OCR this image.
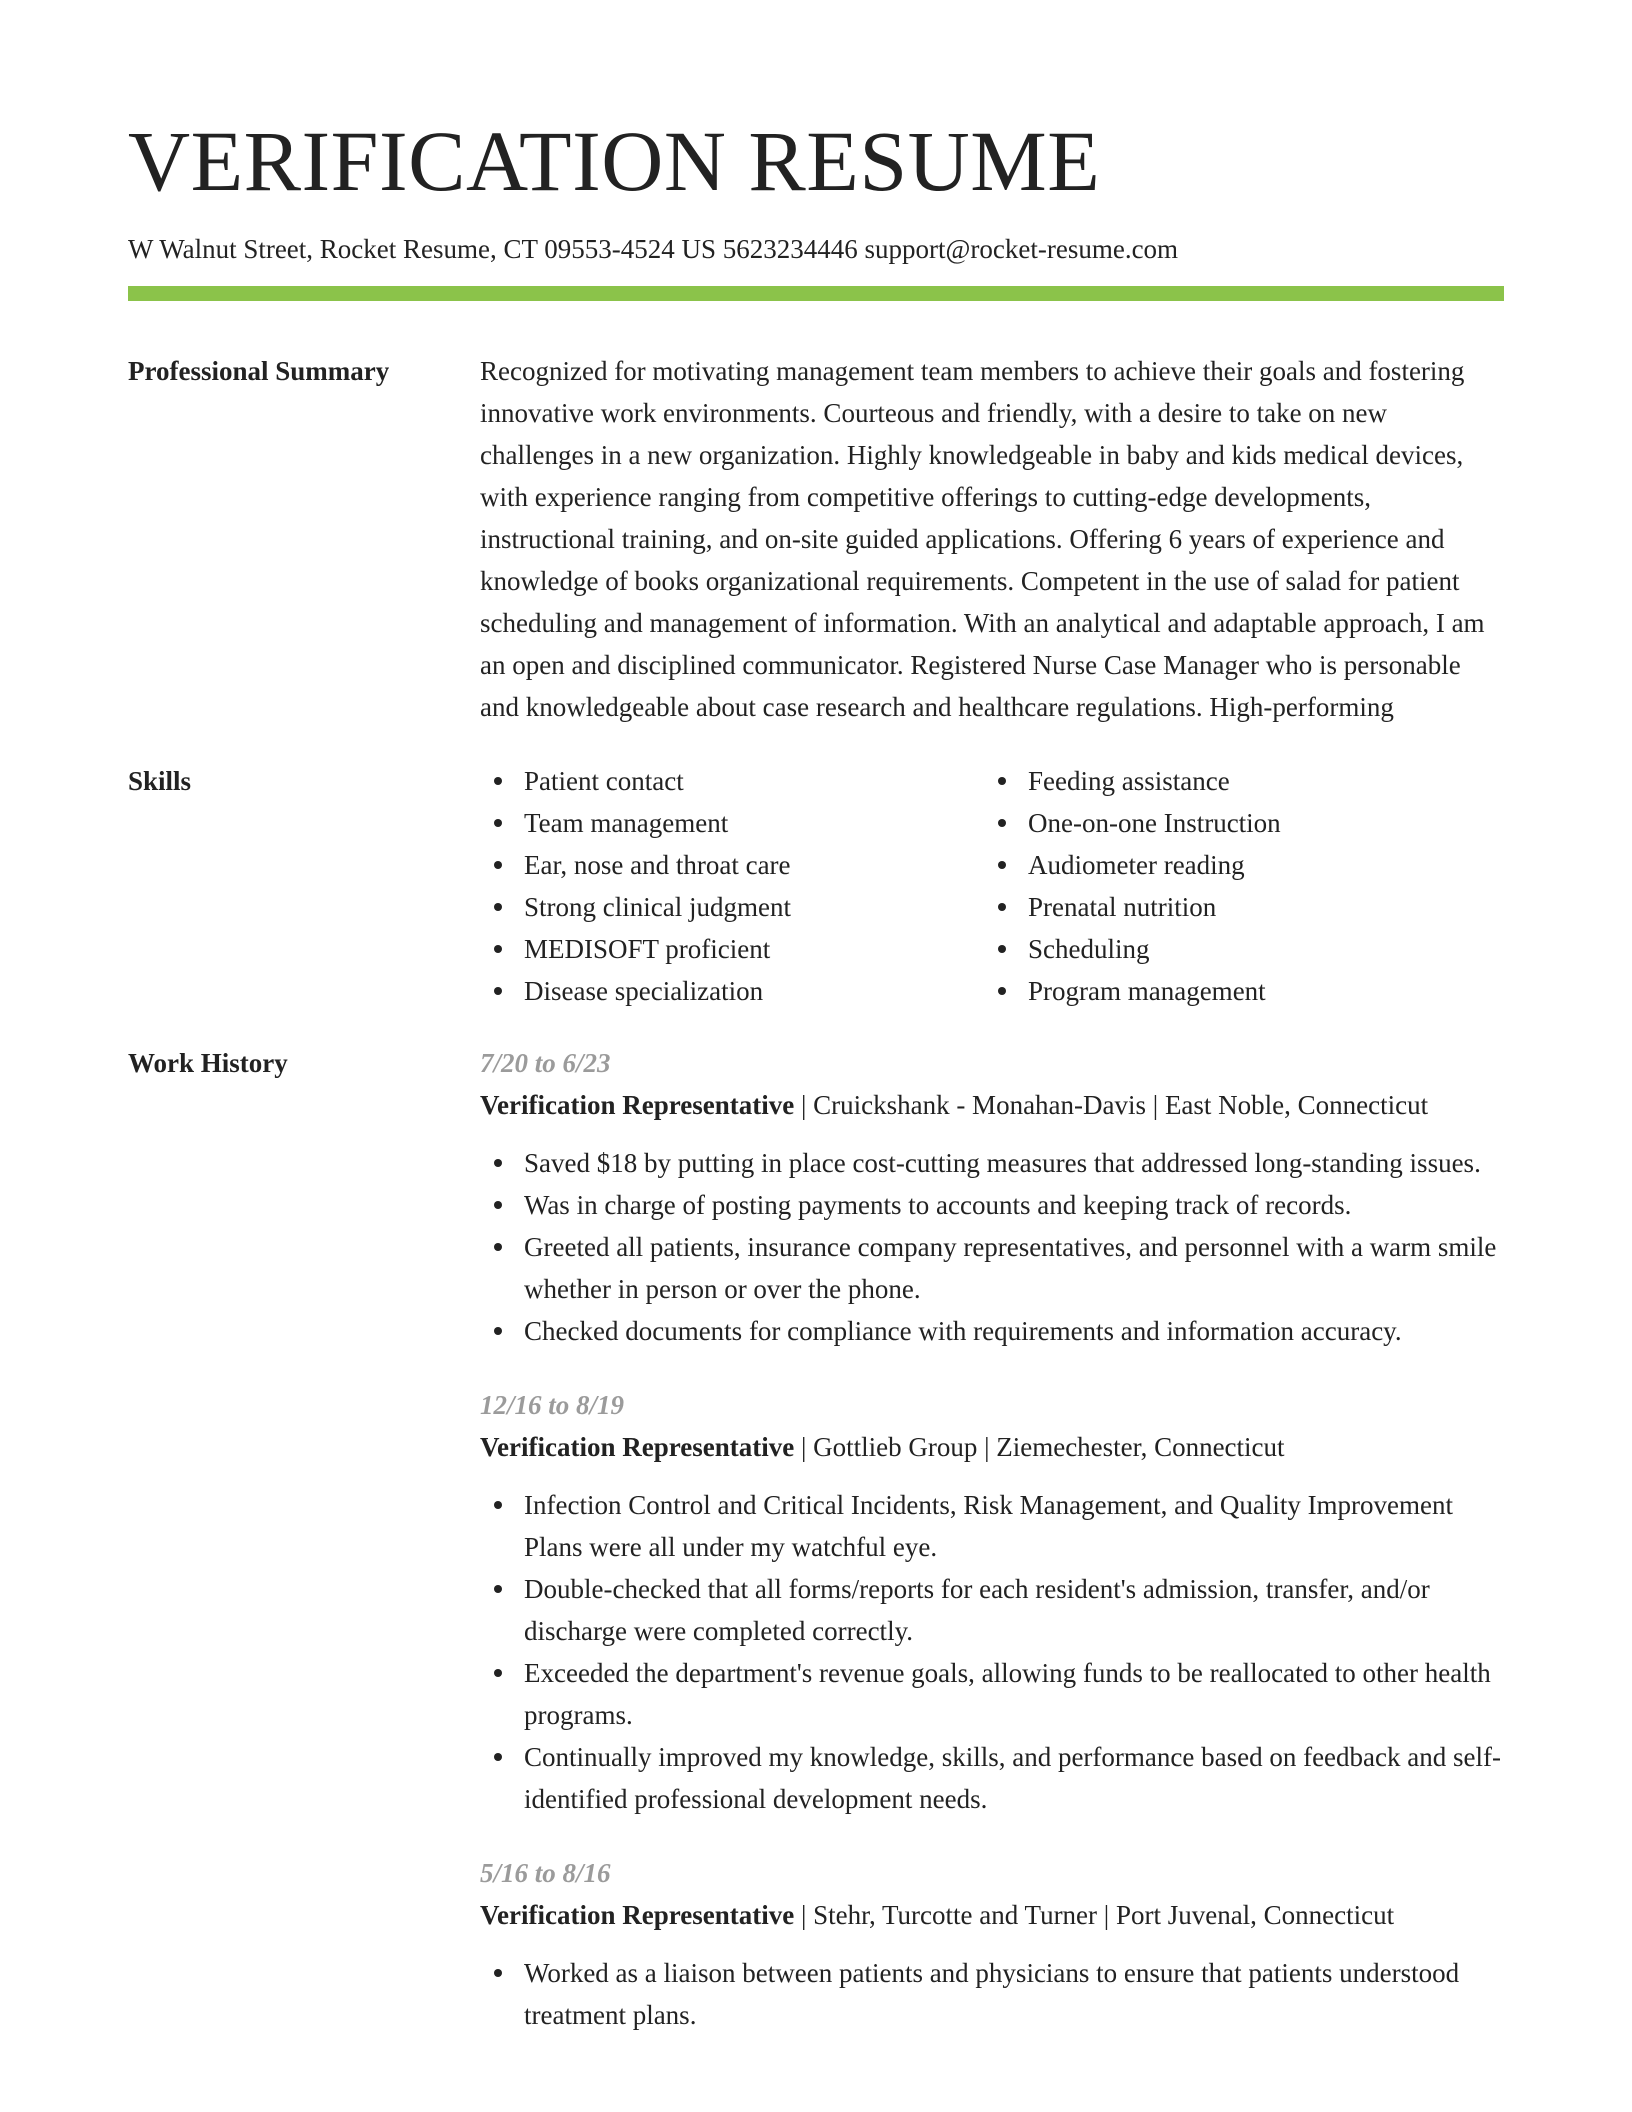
VERIFICATION RESUME
W Walnut Street, Rocket Resume, CT 09553-4524 US 5623234446 support@rocket-resume.com
Professional Summary	Recognized for motivating management team members to achieve their goals and fostering innovative work environments. Courteous and friendly, with a desire to take on new challenges in a new organization. Highly knowledgeable in baby and kids medical devices, with experience ranging from competitive offerings to cutting-edge developments, instructional training, and on-site guided applications. Offering 6 years of experience and knowledge of books organizational requirements. Competent in the use of salad for patient scheduling and management of information. With an analytical and adaptable approach, I am an open and disciplined communicator. Registered Nurse Case Manager who is personable and knowledgeable about case research and healthcare regulations. High-performing

Skills	Patient contact
Team management
Ear, nose and throat care
Strong clinical judgment
MEDISOFT proficient
Disease specialization
Feeding assistance
One-on-one Instruction
Audiometer reading
Prenatal nutrition
Scheduling
Program management
Work History	7/20 to 6/23

Verification Representative | Cruickshank - Monahan-Davis | East Noble, Connecticut

Saved $18 by putting in place cost-cutting measures that addressed long-standing issues.
Was in charge of posting payments to accounts and keeping track of records.
Greeted all patients, insurance company representatives, and personnel with a warm smile whether in person or over the phone.
Checked documents for compliance with requirements and information accuracy.

12/16 to 8/19

Verification Representative | Gottlieb Group | Ziemechester, Connecticut

Infection Control and Critical Incidents, Risk Management, and Quality Improvement Plans were all under my watchful eye.
Double-checked that all forms/reports for each resident's admission, transfer, and/or discharge were completed correctly.
Exceeded the department's revenue goals, allowing funds to be reallocated to other health programs.
Continually improved my knowledge, skills, and performance based on feedback and self-identified professional development needs.

5/16 to 8/16

Verification Representative | Stehr, Turcotte and Turner | Port Juvenal, Connecticut

Worked as a liaison between patients and physicians to ensure that patients understood treatment plans.
